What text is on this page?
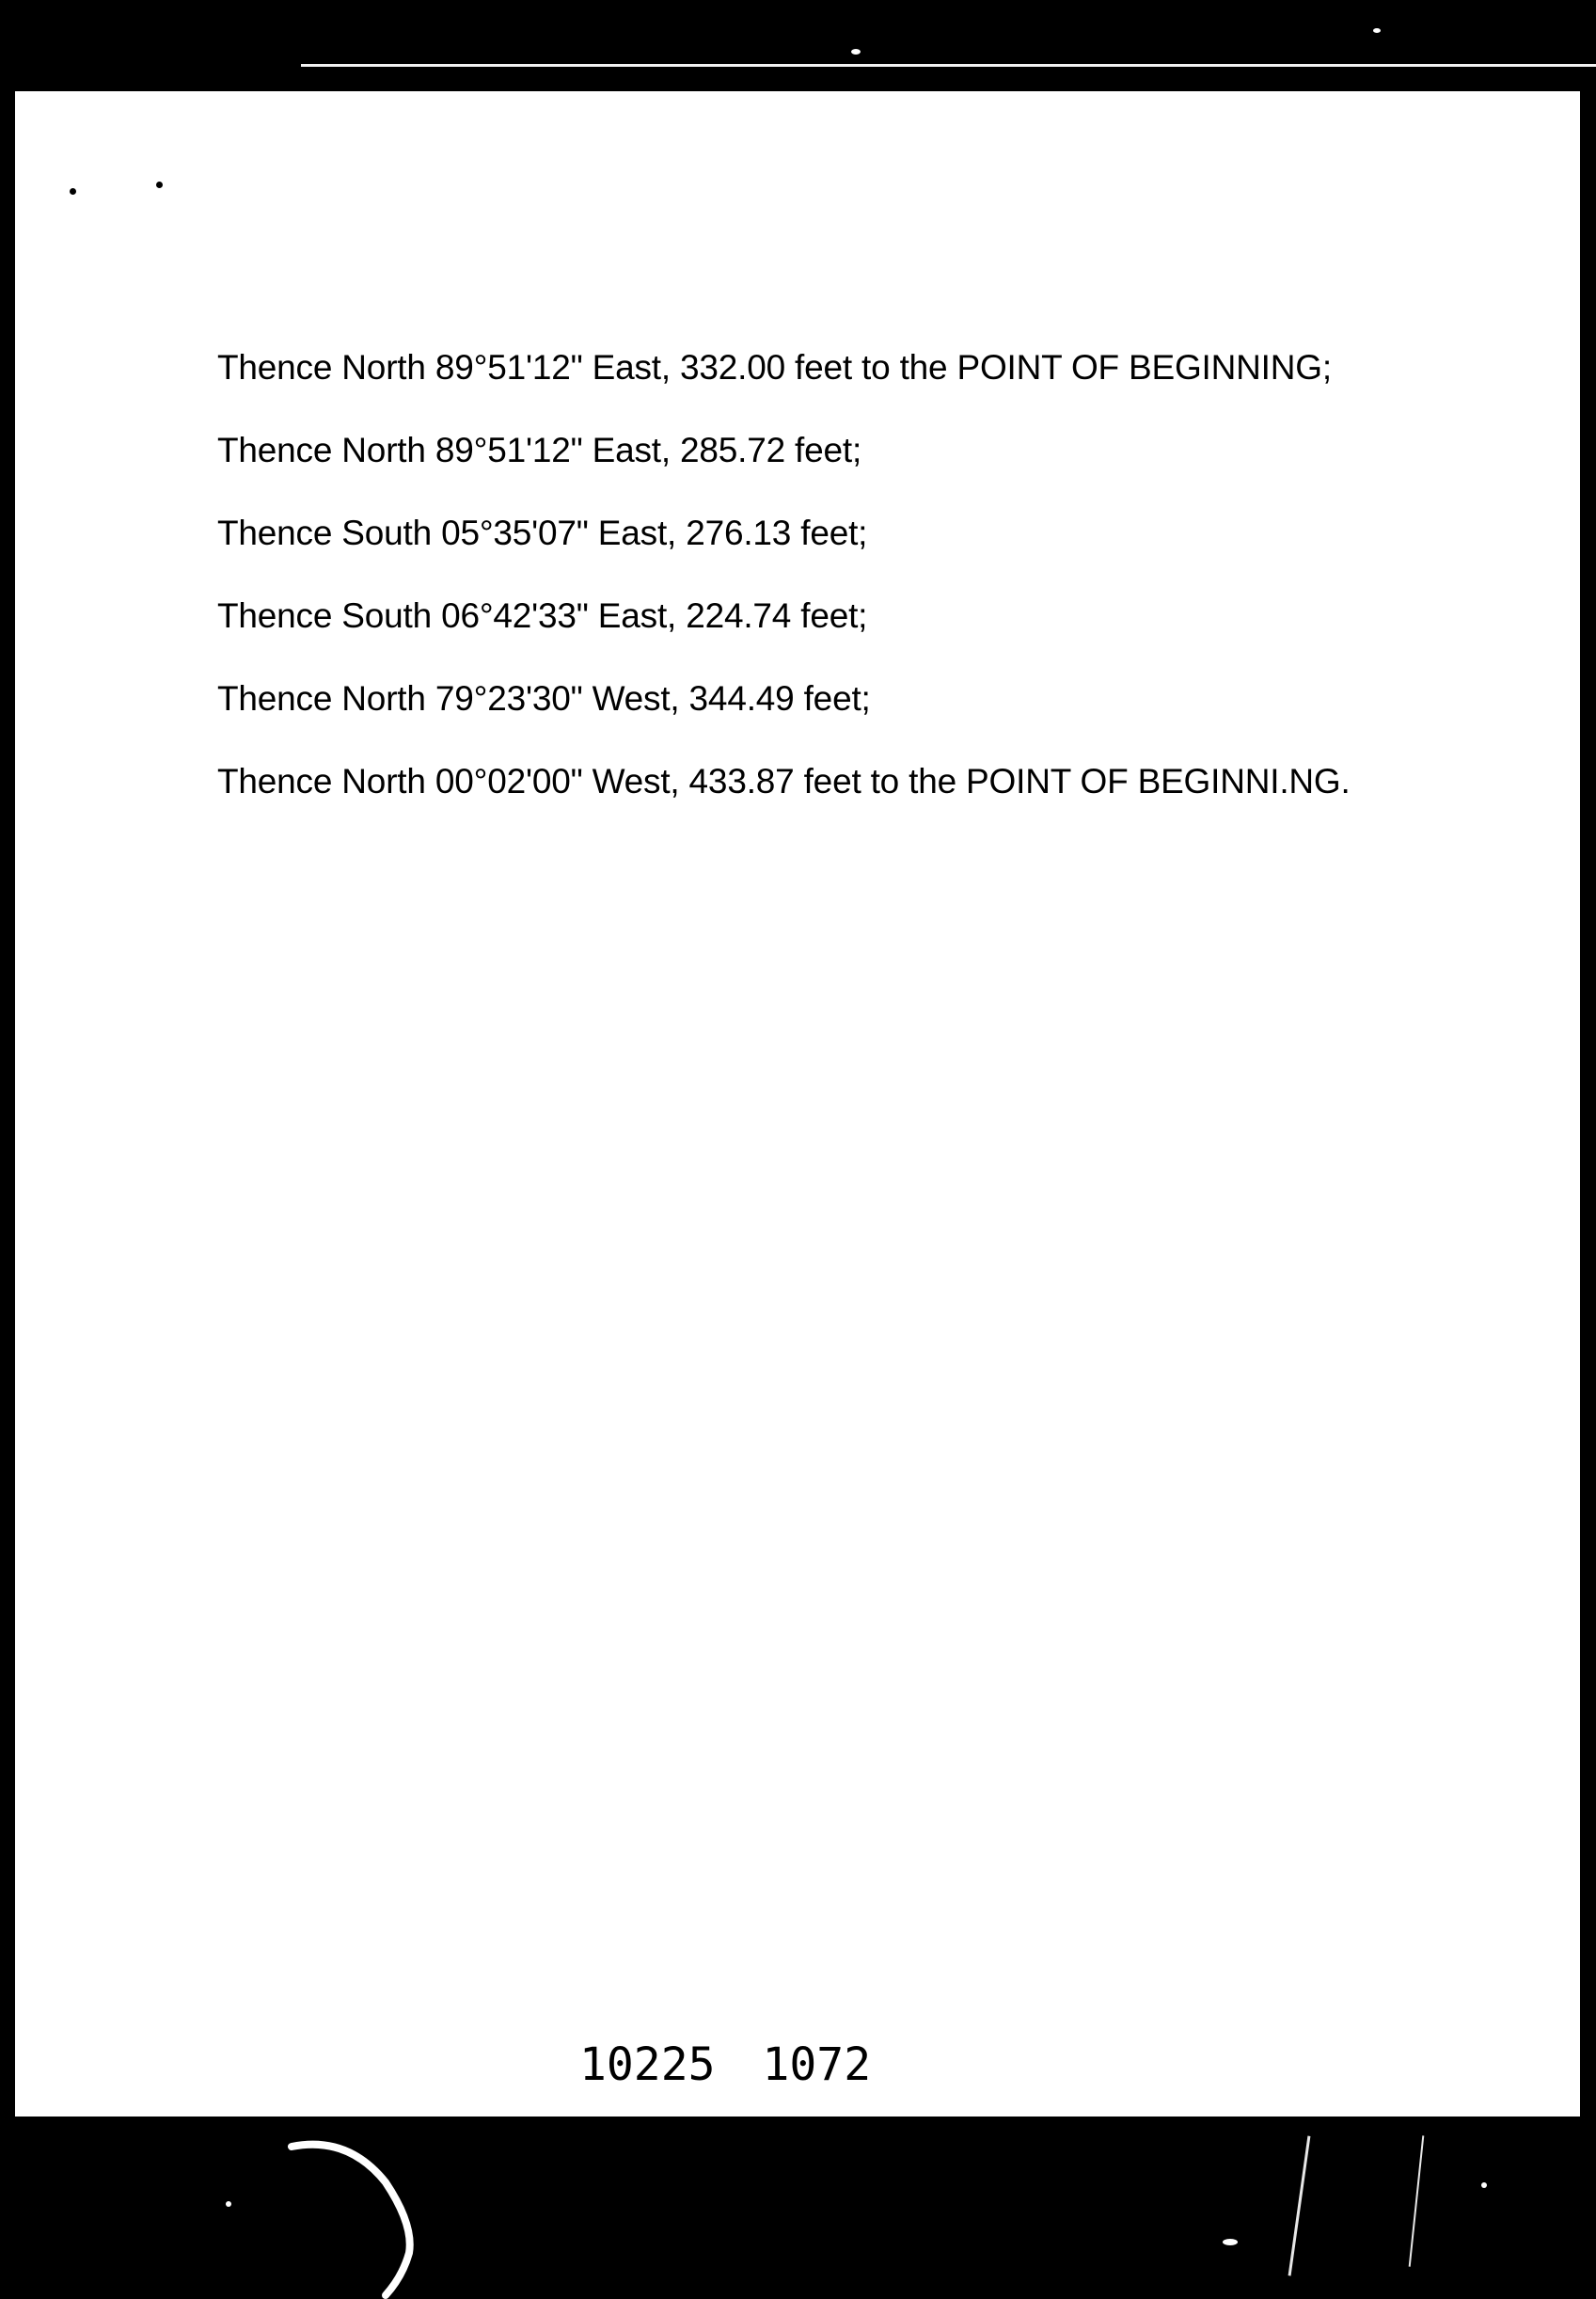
Thence North 89°51'12" East, 332.00 feet to the POINT OF BEGINNING;
Thence North 89°51'12" East, 285.72 feet;
Thence South 05°35'07" East, 276.13 feet;
Thence South 06°42'33" East, 224.74 feet;
Thence North 79°23'30" West, 344.49 feet;
Thence North 00°02'00" West, 433.87 feet to the POINT OF BEGINNI.NG.
10225 1072
